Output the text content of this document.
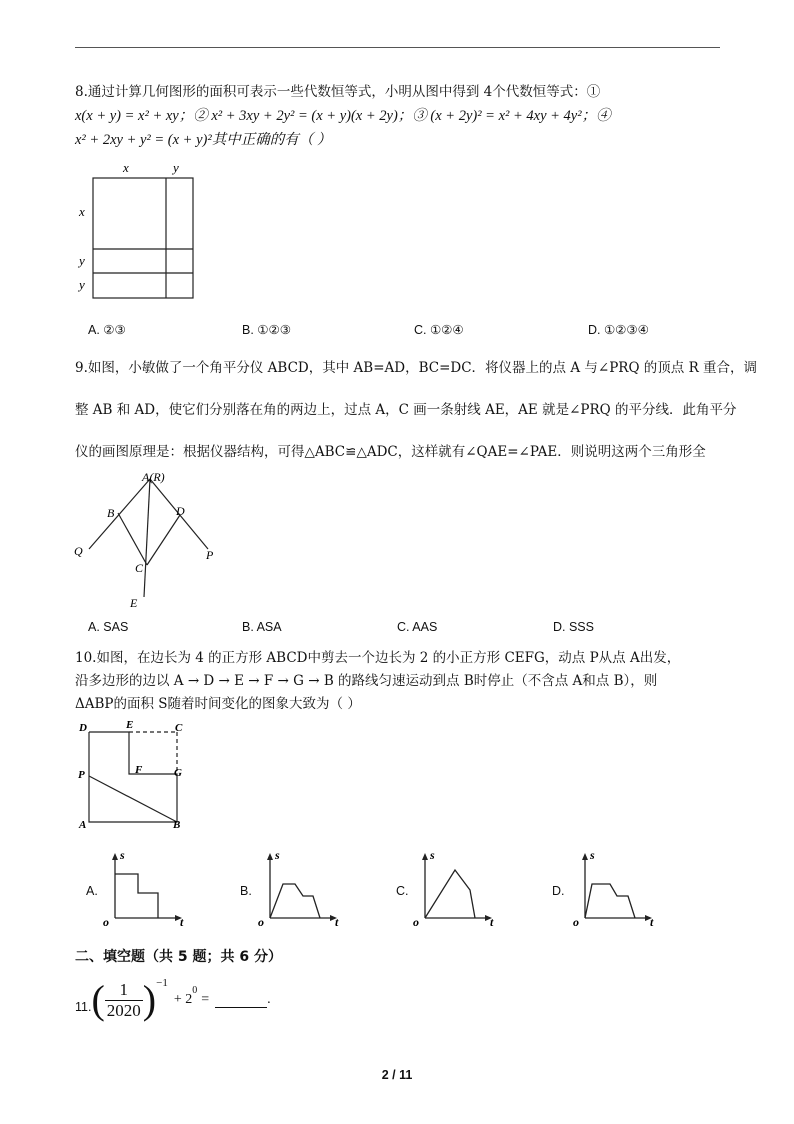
8.通过计算几何图形的面积可表示一些代数恒等式，小明从图中得到 4个代数恒等式：①
x(x + y) = x² + xy；② x² + 3xy + 2y² = (x + y)(x + 2y)；③ (x + 2y)² = x² + 4xy + 4y²；④
x² + 2xy + y² = (x + y)²其中正确的有（ ）
x	y
x
y
y
A. ②③	B. ①②③	C. ①②④	D. ①②③④
9.如图，小敏做了一个角平分仪 ABCD，其中 AB=AD，BC=DC．将仪器上的点 A 与∠PRQ 的顶点 R 重合，调
整 AB 和 AD，使它们分别落在角的两边上，过点 A，C 画一条射线 AE，AE 就是∠PRQ 的平分线．此角平分
仪的画图原理是：根据仪器结构，可得△ABC≌△ADC，这样就有∠QAE=∠PAE．则说明这两个三角形全
A(R)
B	D
Q	P
C
E
A. SAS	B. ASA	C. AAS	D. SSS
10.如图，在边长为 4 的正方形 ABCD中剪去一个边长为 2 的小正方形 CEFG，动点 P从点 A出发，
沿多边形的边以 A → D → E → F → G → B 的路线匀速运动到点 B时停止（不含点 A和点 B），则
ΔABP的面积 S随着时间变化的图象大致为（ ）
D	E	C
P	F	G
A	B
A.
s
o	t
B.
s
o	t
C.
s
o	t
D.
s
o	t
二、填空题（共 5 题；共 6 分）
11. ( $\frac{1}{2020}$ ) −1
+ 2
0
=	.
2 / 11
